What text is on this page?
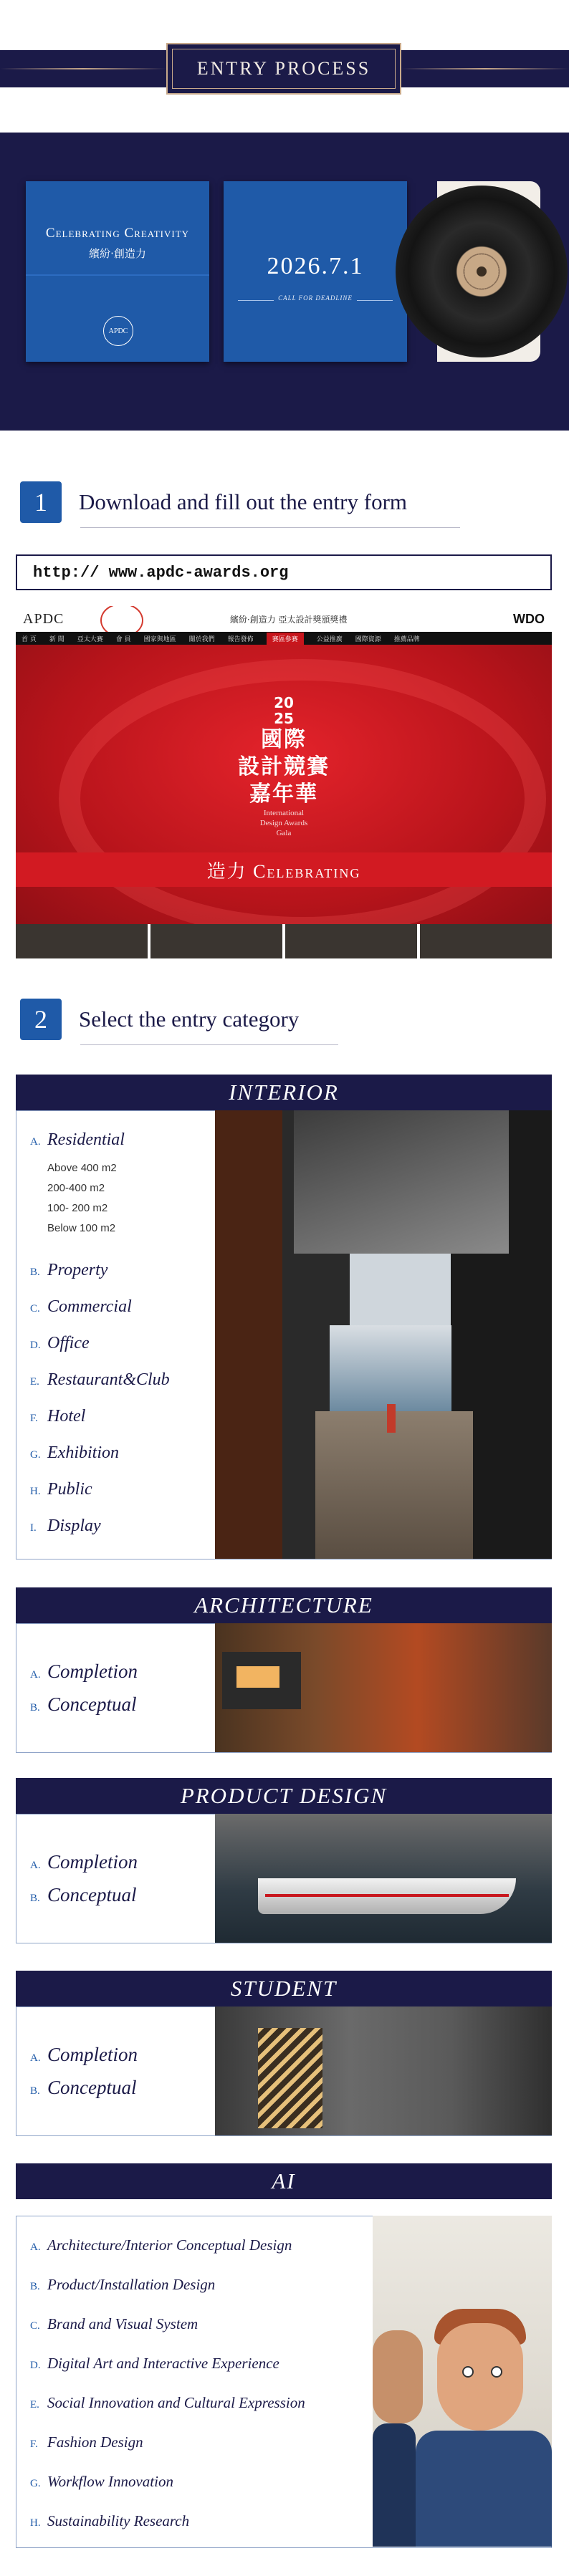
ENTRY PROCESS
Celebrating Creativity
繽紛·創造力
APDC
2026.7.1
CALL FOR DEADLINE
1	Download and fill out the entry form
http:// www.apdc-awards.org
APDC	繽紛·創造力 亞太設計獎頒獎禮	WDO
首 頁 新 聞 亞太大賽 會 員 國家與地區 關於我們 報告發佈	賽區參賽	公益推廣 國際資源 推薦品牌
20
25
國際
設計競賽
嘉年華
International
Design Awards
Gala
造力 Celebrating
2	Select the entry category
INTERIOR
A. Residential
Above 400 m2
200-400 m2
100- 200 m2
Below 100 m2
B. Property
C. Commercial
D. Office
E. Restaurant&Club
F. Hotel
G. Exhibition
H. Public
I. Display
ARCHITECTURE
A. Completion
B. Conceptual
PRODUCT DESIGN
A. Completion
B. Conceptual
STUDENT
A. Completion
B. Conceptual
AI
A. Architecture/Interior Conceptual Design
B. Product/Installation Design
C. Brand and Visual System
D. Digital Art and Interactive Experience
E. Social Innovation and Cultural Expression
F. Fashion Design
G. Workflow Innovation
H. Sustainability Research
